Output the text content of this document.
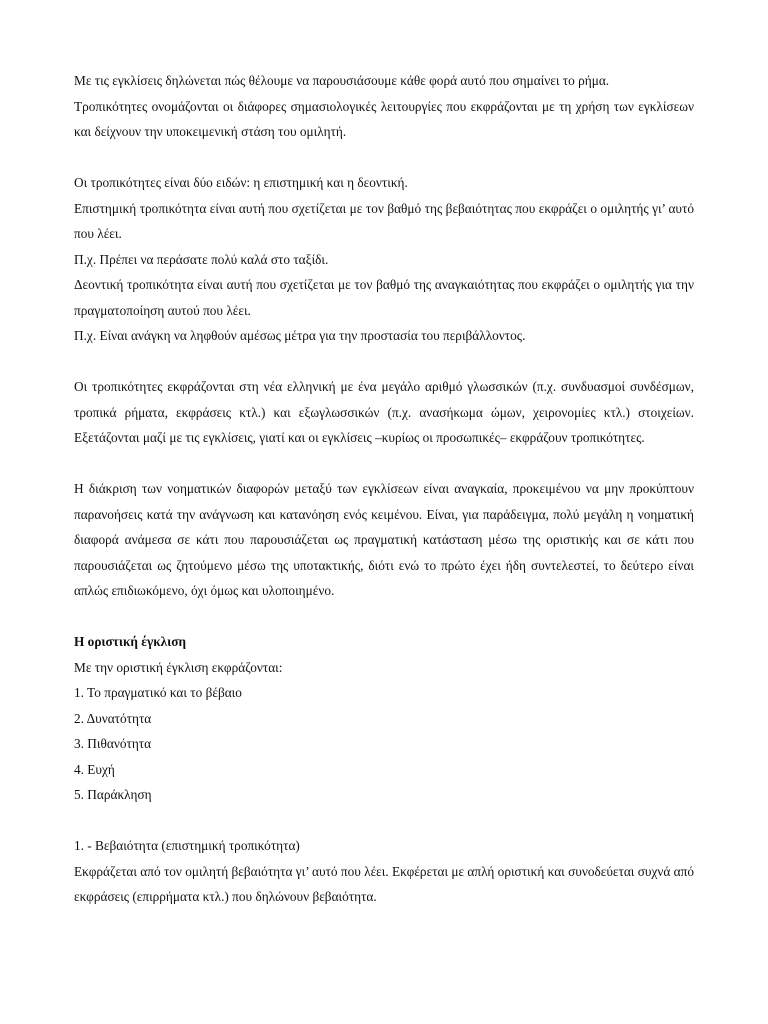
Με τις εγκλίσεις δηλώνεται πώς θέλουμε να παρουσιάσουμε κάθε φορά αυτό που σημαίνει το ρήμα.

Τροπικότητες ονομάζονται οι διάφορες σημασιολογικές λειτουργίες που εκφράζονται με τη χρήση των εγκλίσεων και δείχνουν την υποκειμενική στάση του ομιλητή.

Οι τροπικότητες είναι δύο ειδών: η επιστημική και η δεοντική.

Επιστημική τροπικότητα είναι αυτή που σχετίζεται με τον βαθμό της βεβαιότητας που εκφράζει ο ομιλητής γι’ αυτό που λέει.

Π.χ. Πρέπει να περάσατε πολύ καλά στο ταξίδι.

Δεοντική τροπικότητα είναι αυτή που σχετίζεται με τον βαθμό της αναγκαιότητας που εκφράζει ο ομιλητής για την πραγματοποίηση αυτού που λέει.

Π.χ. Είναι ανάγκη να ληφθούν αμέσως μέτρα για την προστασία του περιβάλλοντος.

Οι τροπικότητες εκφράζονται στη νέα ελληνική με ένα μεγάλο αριθμό γλωσσικών (π.χ. συνδυασμοί συνδέσμων, τροπικά ρήματα, εκφράσεις κτλ.) και εξωγλωσσικών (π.χ. ανασήκωμα ώμων, χειρονομίες κτλ.) στοιχείων. Εξετάζονται μαζί με τις εγκλίσεις, γιατί και οι εγκλίσεις –κυρίως οι προσωπικές– εκφράζουν τροπικότητες.

Η διάκριση των νοηματικών διαφορών μεταξύ των εγκλίσεων είναι αναγκαία, προκειμένου να μην προκύπτουν παρανοήσεις κατά την ανάγνωση και κατανόηση ενός κειμένου. Είναι, για παράδειγμα, πολύ μεγάλη η νοηματική διαφορά ανάμεσα σε κάτι που παρουσιάζεται ως πραγματική κατάσταση μέσω της οριστικής και σε κάτι που παρουσιάζεται ως ζητούμενο μέσω της υποτακτικής, διότι ενώ το πρώτο έχει ήδη συντελεστεί, το δεύτερο είναι απλώς επιδιωκόμενο, όχι όμως και υλοποιημένο.

Η οριστική έγκλιση

Με την οριστική έγκλιση εκφράζονται:

1. Το πραγματικό και το βέβαιο

2. Δυνατότητα

3. Πιθανότητα

4. Ευχή

5. Παράκληση

1. - Βεβαιότητα (επιστημική τροπικότητα)

Εκφράζεται από τον ομιλητή βεβαιότητα γι’ αυτό που λέει. Εκφέρεται με απλή οριστική και συνοδεύεται συχνά από εκφράσεις (επιρρήματα κτλ.) που δηλώνουν βεβαιότητα.
